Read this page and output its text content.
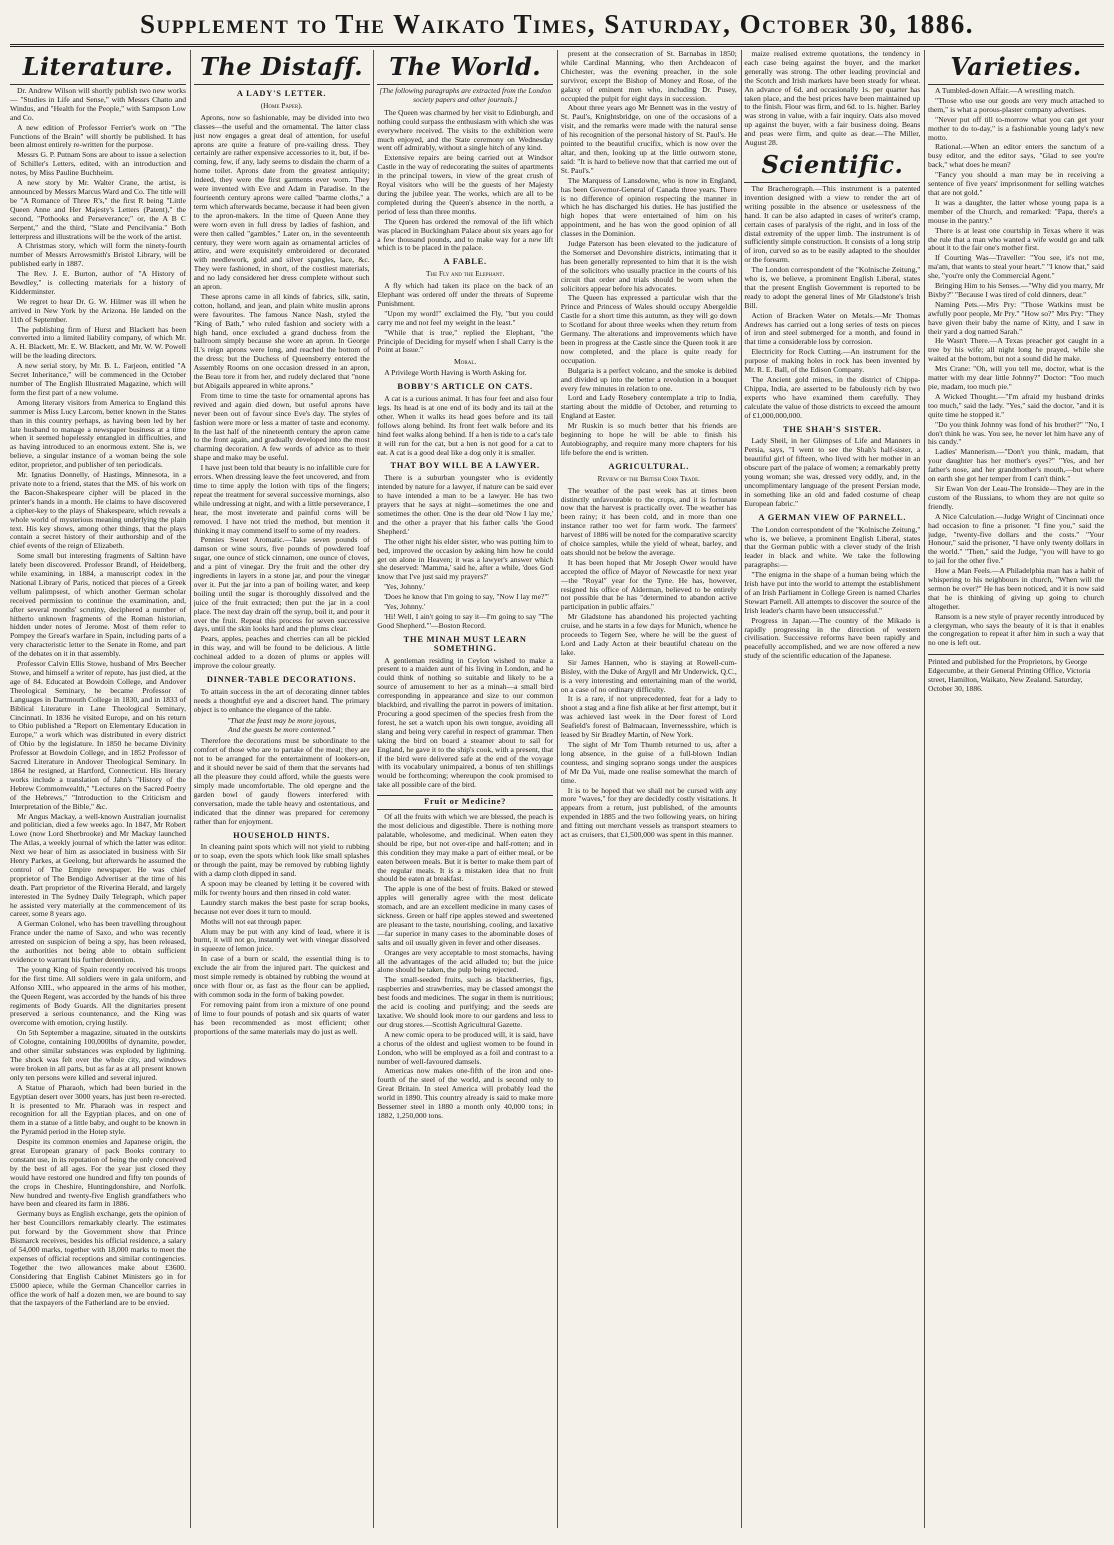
Supplement to The Waikato Times, Saturday, October 30, 1886.
Literature.

Dr. Andrew Wilson will shortly publish two new works — "Studies in Life and Sense," with Messrs Chatto and Windus, and "Health for the People," with Sampson Low and Co.

A new edition of Professor Ferrier's work on "The Functions of the Brain" will shortly be published. It has been almost entirely re-written for the purpose.

Messrs G. P. Putnam Sons are about to issue a selection of Schiller's Letters, edited, with an introduction and notes, by Miss Pauline Buchheim.

A new story by Mr. Walter Crane, the artist, is announced by Messrs Marcus Ward and Co. The title will be "A Romance of Three R's," the first R being "Little Queen Anne and Her Majesty's Letters (Patent)," the second, "Pothooks and Perseverance;" or, the A B C Serpent," and the third, "Slate and Pencilvania." Both letterpress and illustrations will be the work of the artist.

A Christmas story, which will form the ninety-fourth number of Messrs Arrowsmith's Bristol Library, will be published early in 1887.

The Rev. J. E. Burton, author of "A History of Bewdley," is collecting materials for a history of Kidderminster.

We regret to hear Dr. G. W. Hilmer was ill when he arrived in New York by the Arizona. He landed on the 11th of September.

The publishing firm of Hurst and Blackett has been converted into a limited liability company, of which Mr. A. H. Blackett, Mr. E. W. Blackett, and Mr. W. W. Powell will be the leading directors.

A new serial story, by Mr. B. L. Farjeon, entitled "A Secret Inheritance," will be commenced in the October number of The English Illustrated Magazine, which will form the first part of a new volume.

Among literary visitors from America to England this summer is Miss Lucy Larcom, better known in the States than in this country perhaps, as having been led by her late husband to manage a newspaper business at a time when it seemed hopelessly entangled in difficulties, and as having introduced to an enormous extent. She is, we believe, a singular instance of a woman being the sole editor, proprietor, and publisher of ten periodicals.

Mr. Ignatius Donnelly, of Hastings, Minnesota, in a private note to a friend, states that the MS. of his work on the Bacon-Shakespeare cipher will be placed in the printer's hands in a month. He claims to have discovered a cipher-key to the plays of Shakespeare, which reveals a whole world of mysterious meaning underlying the plain text. His key shows, among other things, that the plays contain a secret history of their authorship and of the chief events of the reign of Elizabeth.

Some small but interesting fragments of Saltinn have lately been discovered. Professor Brandl, of Heidelberg, while examining, in 1884, a manuscript codex in the National Library of Paris, noticed that pieces of a Greek vellum palimpsest, of which another German scholar received permission to continue the examination, and, after several months' scrutiny, deciphered a number of hitherto unknown fragments of the Roman historian, hidden under notes of Jerome. Most of them refer to Pompey the Great's warfare in Spain, including parts of a very characteristic letter to the Senate in Rome, and part of the debates on it in that assembly.

Professor Calvin Ellis Stowe, husband of Mrs Beecher Stowe, and himself a writer of repute, has just died, at the age of 84. Educated at Bowdoin College, and Andover Theological Seminary, he became Professor of Languages in Dartmouth College in 1830, and in 1833 of Biblical Literature in Lane Theological Seminary, Cincinnati. In 1836 he visited Europe, and on his return to Ohio published a "Report on Elementary Education in Europe," a work which was distributed in every district of Ohio by the legislature. In 1850 he became Divinity Professor at Bowdoin College, and in 1852 Professor of Sacred Literature in Andover Theological Seminary. In 1864 he resigned, at Hartford, Connecticut. His literary works include a translation of Jahn's "History of the Hebrew Commonwealth," "Lectures on the Sacred Poetry of the Hebrews," "Introduction to the Criticism and Interpretation of the Bible," &c.

Mr Angus Mackay, a well-known Australian journalist and politician, died a few weeks ago. In 1847, Mr Robert Lowe (now Lord Sherbrooke) and Mr Mackay launched The Atlas, a weekly journal of which the latter was editor. Next we hear of him as associated in business with Sir Henry Parkes, at Geelong, but afterwards he assumed the control of The Empire newspaper. He was chief proprietor of The Bendigo Advertiser at the time of his death. Part proprietor of the Riverina Herald, and largely interested in The Sydney Daily Telegraph, which paper he assisted very materially at the commencement of its career, some 8 years ago.

A German Colonel, who has been travelling throughout France under the name of Saxo, and who was recently arrested on suspicion of being a spy, has been released, the authorities not being able to obtain sufficient evidence to warrant his further detention.

The young King of Spain recently received his troops for the first time. All soldiers were in gala uniform, and Alfonso XIII., who appeared in the arms of his mother, the Queen Regent, was accorded by the hands of his three regiments of Body Guards. All the dignitaries present preserved a serious countenance, and the King was overcome with emotion, crying lustily.

On 5th September a magazine, situated in the outskirts of Cologne, containing 100,000lbs of dynamite, powder, and other similar substances was exploded by lightning. The shock was felt over the whole city, and windows were broken in all parts, but as far as at all present known only ten persons were killed and several injured.

A Statue of Pharaoh, which had been buried in the Egyptian desert over 3000 years, has just been re-erected. It is presented to Mr. Pharaoh was in respect and recognition for all the Egyptian places, and on one of them in a statue of a little baby, and ought to be known in the Pyramid period in the Hotep style.

Despite its common enemies and Japanese origin, the great European granary of pack Books contrary to constant use, in its reputation of being the only conceived by the best of all ages. For the year just closed they would have restored one hundred and fifty ten pounds of the crops in Cheshire, Huntingdonshire, and Norfolk. New hundred and twenty-five English grandfathers who have been and cleared its farm in 1886.

Germany buys as English exchange, gets the opinion of her best Councillors remarkably clearly. The estimates put forward by the Government show that Prince Bismarck receives, besides his official residence, a salary of 54,000 marks, together with 18,000 marks to meet the expenses of official receptions and similar contingencies. Together the two allowances make about £3600. Considering that English Cabinet Ministers go in for £5000 apiece, while the German Chancellor carries in office the work of half a dozen men, we are bound to say that the taxpayers of the Fatherland are to be envied.

The Distaff.
A LADY'S LETTER.
(Home Paper).

Aprons, now so fashionable, may be divided into two classes—the useful and the ornamental. The latter class just now engages a great deal of attention, for useful aprons are quite a feature of pre-vailing dress. They certainly are rather expensive accessories to it, but, if be-coming, few, if any, lady seems to disdain the charm of a home toilet. Aprons date from the greatest antiquity; indeed, they were the first garments ever worn. They were invented with Eve and Adam in Paradise. In the fourteenth century aprons were called "barme cloths," a term which afterwards became, because it had been given to the apron-makers. In the time of Queen Anne they were worn even in full dress by ladies of fashion, and were then called "gambles." Later on, in the seventeenth century, they were worn again as ornamental articles of attire, and were exquisitely embroidered or decorated with needlework, gold and silver spangles, lace, &c. They were fashioned, in short, of the costliest materials, and no lady considered her dress complete without such an apron.

These aprons came in all kinds of fabrics, silk, satin, cotton, holland, and jean, and plain white muslin aprons were favourites. The famous Nance Nash, styled the "King of Bath," who ruled fashion and society with a high hand, once excluded a grand duchess from the ballroom simply because she wore an apron. In George II.'s reign aprons were long, and reached the bottom of the dress; but the Duchess of Queensberry entered the Assembly Rooms on one occasion dressed in an apron, the Beau tore it from her, and rudely declared that "none but Abigails appeared in white aprons."

From time to time the taste for ornamental aprons has revived and again died down, but useful aprons have never been out of favour since Eve's day. The styles of fashion were more or less a matter of taste and economy. In the last half of the nineteenth century the apron came to the front again, and gradually developed into the most charming decoration. A few words of advice as to their shape and make may be useful.

I have just been told that beauty is no infallible cure for errors. When dressing leave the feet uncovered, and from time to time apply the lotion with tips of the fingers; repeat the treatment for several successive mornings, also while undressing at night, and with a little perseverance, I hear, the most inveterate and painful corns will be removed. I have not tried the method, but mention it thinking it may commend itself to some of my readers.

Pennies Sweet Aromatic.—Take seven pounds of damson or wine sours, five pounds of powdered loaf sugar, one ounce of stick cinnamon, one ounce of cloves, and a pint of vinegar. Dry the fruit and the other dry ingredients in layers in a stone jar, and pour the vinegar over it. Put the jar into a pan of boiling water, and keep boiling until the sugar is thoroughly dissolved and the juice of the fruit extracted; then put the jar in a cool place. The next day drain off the syrup, boil it, and pour it over the fruit. Repeat this process for seven successive days, until the skin looks hard and the plums clear.

Pears, apples, peaches and cherries can all be pickled in this way, and will be found to be delicious. A little cochineal added to a dozen of plums or apples will improve the colour greatly.

DINNER-TABLE DECORATIONS.

To attain success in the art of decorating dinner tables needs a thoughtful eye and a discreet hand. The primary object is to enhance the elegance of the table.

"That the feast may be more joyous,
And the guests be more contented."

Therefore the decorations must be subordinate to the comfort of those who are to partake of the meal; they are not to be arranged for the entertainment of lookers-on, and it should never be said of them that the servants had all the pleasure they could afford, while the guests were simply made uncomfortable. The old epergne and the garden bowl of gaudy flowers interfered with conversation, made the table heavy and ostentatious, and indicated that the dinner was prepared for ceremony rather than for enjoyment.

HOUSEHOLD HINTS.

In cleaning paint spots which will not yield to rubbing or to soap, even the spots which look like small splashes or through the paint, may be removed by rubbing lightly with a damp cloth dipped in sand.

A spoon may be cleaned by letting it be covered with milk for twenty hours and then rinsed in cold water.

Laundry starch makes the best paste for scrap books, because not ever does it turn to mould.

Moths will not eat through paper.

Alum may be put with any kind of lead, where it is burnt, it will not go, instantly wet with vinegar dissolved in squeeze of lemon juice.

In case of a burn or scald, the essential thing is to exclude the air from the injured part. The quickest and most simple remedy is obtained by rubbing the wound at once with flour or, as fast as the flour can be applied, with common soda in the form of baking powder.

For removing paint from iron a mixture of one pound of lime to four pounds of potash and six quarts of water has been recommended as most efficient; other proportions of the same materials may do just as well.

The World.
[The following paragraphs are extracted from the London society papers and other journals.]

The Queen was charmed by her visit to Edinburgh, and nothing could surpass the enthusiasm with which she was everywhere received. The visits to the exhibition were much enjoyed, and the State ceremony on Wednesday went off admirably, without a single hitch of any kind.

Extensive repairs are being carried out at Windsor Castle in the way of redecorating the suites of apartments in the principal towers, in view of the great crush of Royal visitors who will be the guests of her Majesty during the jubilee year. The works, which are all to be completed during the Queen's absence in the north, a period of less than three months.

The Queen has ordered the removal of the lift which was placed in Buckingham Palace about six years ago for a few thousand pounds, and to make way for a new lift which is to be placed in the palace.

A FABLE.
The Fly and the Elephant.

A fly which had taken its place on the back of an Elephant was ordered off under the threats of Supreme Punishment.

"Upon my word!" exclaimed the Fly, "but you could carry me and not feel my weight in the least."

"While that is true," replied the Elephant, "the Principle of Deciding for myself when I shall Carry is the Point at Issue."

Moral.

A Privilege Worth Having is Worth Asking for.

BOBBY'S ARTICLE ON CATS.

A cat is a curious animal. It has four feet and also four legs. Its head is at one end of its body and its tail at the other. When it walks its head goes before and its tail follows along behind. Its front feet walk before and its hind feet walks along behind. If a hen is tide to a cat's tale it will run for the cat, but a hen is not good for a cat to eat. A cat is a good deal like a dog only it is smaller.

THAT BOY WILL BE A LAWYER.

There is a suburban youngster who is evidently intended by nature for a lawyer, if nature can be said ever to have intended a man to be a lawyer. He has two prayers that he says at night—sometimes the one and sometimes the other. One is the dear old 'Now I lay me,' and the other a prayer that his father calls 'the Good Shepherd.'

The other night his elder sister, who was putting him to bed, improved the occasion by asking him how he could get on alone in Heaven; it was a lawyer's answer which she deserved: 'Mamma,' said he, after a while, 'does God know that I've just said my prayers?'

'Yes, Johnny.'

'Does he know that I'm going to say, "Now I lay me?"'

'Yes, Johnny.'

'Hi! Well, I ain't going to say it—I'm going to say "The Good Shepherd."'—Boston Record.

THE MINAH MUST LEARN SOMETHING.

A gentleman residing in Ceylon wished to make a present to a maiden aunt of his living in London, and he could think of nothing so suitable and likely to be a source of amusement to her as a minah—a small bird corresponding in appearance and size to our common blackbird, and rivalling the parrot in powers of imitation. Procuring a good specimen of the species fresh from the forest, he set a watch upon his own tongue, avoiding all slang and being very careful in respect of grammar. Then taking the bird on board a steamer about to sail for England, he gave it to the ship's cook, with a present, that if the bird were delivered safe at the end of the voyage with its vocabulary unimpaired, a bonus of ten shillings would be forthcoming; whereupon the cook promised to take all possible care of the bird.

Fruit or Medicine?

Of all the fruits with which we are blessed, the peach is the most delicious and digestible. There is nothing more palatable, wholesome, and medicinal. When eaten they should be ripe, but not over-ripe and half-rotten; and in this condition they may make a part of either meal, or be eaten between meals. But it is better to make them part of the regular meals. It is a mistaken idea that no fruit should be eaten at breakfast.

The apple is one of the best of fruits. Baked or stewed apples will generally agree with the most delicate stomach, and are an excellent medicine in many cases of sickness. Green or half ripe apples stewed and sweetened are pleasant to the taste, nourishing, cooling, and laxative—far superior in many cases to the abominable doses of salts and oil usually given in fever and other diseases.

Oranges are very acceptable to most stomachs, having all the advantages of the acid alluded to; but the juice alone should be taken, the pulp being rejected.

The small-seeded fruits, such as blackberries, figs, raspberries and strawberries, may be classed amongst the best foods and medicines. The sugar in them is nutritious; the acid is cooling and purifying; and the seeds are laxative. We should look more to our gardens and less to our drug stores.—Scottish Agricultural Gazette.

A new comic opera to be produced will, it is said, have a chorus of the oldest and ugliest women to be found in London, who will be employed as a foil and contrast to a number of well-favoured damsels.

Americas now makes one-fifth of the iron and one-fourth of the steel of the world, and is second only to Great Britain. In steel America will probably lead the world in 1890. This country already is said to make more Bessemer steel in 1880 a month only 40,000 tons; in 1882, 1,250,000 tons.

present at the consecration of St. Barnabas in 1850; while Cardinal Manning, who then Archdeacon of Chichester, was the evening preacher, in the sole survivor, except the Bishop of Money and Rose, of the galaxy of eminent men who, including Dr. Pusey, occupied the pulpit for eight days in succession.

About three years ago Mr Bennett was in the vestry of St. Paul's, Knightsbridge, on one of the occasions of a visit, and the remarks were made with the natural sense of his recognition of the personal history of St. Paul's. He pointed to the beautiful crucifix, which is now over the altar, and then, looking up at the little outworn stone, said: "It is hard to believe now that that carried me out of St. Paul's."

The Marquess of Lansdowne, who is now in England, has been Governor-General of Canada three years. There is no difference of opinion respecting the manner in which he has discharged his duties. He has justified the high hopes that were entertained of him on his appointment, and he has won the good opinion of all classes in the Dominion.

Judge Paterson has been elevated to the judicature of the Somerset and Devonshire districts, intimating that it has been generally represented to him that it is the wish of the solicitors who usually practice in the courts of his circuit that order and trials should be worn when the solicitors appear before his advocates.

The Queen has expressed a particular wish that the Prince and Princess of Wales should occupy Abergeldie Castle for a short time this autumn, as they will go down to Scotland for about three weeks when they return from Germany. The alterations and improvements which have been in progress at the Castle since the Queen took it are now completed, and the place is quite ready for occupation.

Bulgaria is a perfect volcano, and the smoke is debited and divided up into the better a revolution in a bouquet every few minutes in relation to one.

Lord and Lady Rosebery contemplate a trip to India, starting about the middle of October, and returning to England at Easter.

Mr Ruskin is so much better that his friends are beginning to hope he will be able to finish his Autobiography, and require many more chapters for his life before the end is written.

AGRICULTURAL.
Review of the British Corn Trade.

The weather of the past week has at times been distinctly unfavourable to the crops, and it is fortunate now that the harvest is practically over. The weather has been rainy; it has been cold, and in more than one instance rather too wet for farm work. The farmers' harvest of 1886 will be noted for the comparative scarcity of choice samples, while the yield of wheat, barley, and oats should not be below the average.

It has been hoped that Mr Joseph Ower would have accepted the office of Mayor of Newcastle for next year—the "Royal" year for the Tyne. He has, however, resigned his office of Alderman, believed to be entirely not possible that he has "determined to abandon active participation in public affairs."

Mr Gladstone has abandoned his projected yachting cruise, and he starts in a few days for Munich, whence he proceeds to Tegern See, where he will be the guest of Lord and Lady Acton at their beautiful chateau on the lake.

Sir James Hannen, who is staying at Rowell-cum-Bisley, with the Duke of Argyll and Mr Underwick, Q.C., is a very interesting and entertaining man of the world, on a case of no ordinary difficulty.

It is a rare, if not unprecedented, feat for a lady to shoot a stag and a fine fish alike at her first attempt, but it was achieved last week in the Deer forest of Lord Seafield's forest of Balmacaan, Invernessshire, which is leased by Sir Bradley Martin, of New York.

The sight of Mr Tom Thumb returned to us, after a long absence, in the guise of a full-blown Indian countess, and singing soprano songs under the auspices of Mr Da Vui, made one realise somewhat the march of time.

It is to be hoped that we shall not be cursed with any more "waves," for they are decidedly costly visitations. It appears from a return, just published, of the amounts expended in 1885 and the two following years, on hiring and fitting out merchant vessels as transport steamers to act as cruisers, that £1,500,000 was spent in this manner.

maize realised extreme quotations, the tendency in each case being against the buyer, and the market generally was strong. The other leading provincial and the Scotch and Irish markets have been steady for wheat. An advance of 6d. and occasionally 1s. per quarter has taken place, and the best prices have been maintained up to the finish. Flour was firm, and 6d. to 1s. higher. Barley was strong in value, with a fair inquiry. Oats also moved up against the buyer, with a fair business doing. Beans and peas were firm, and quite as dear.—The Miller, August 28.

Scientific.

The Bracherograph.—This instrument is a patented invention designed with a view to render the art of writing possible in the absence or uselessness of the hand. It can be also adapted in cases of writer's cramp, certain cases of paralysis of the right, and in loss of the distal extremity of the upper limb. The instrument is of sufficiently simple construction. It consists of a long strip of iron, curved so as to be easily adapted to the shoulder or the forearm.

The London correspondent of the "Kolnische Zeitung," who is, we believe, a prominent English Liberal, states that the present English Government is reported to be ready to adopt the general lines of Mr Gladstone's Irish Bill.

Action of Bracken Water on Metals.—Mr Thomas Andrews has carried out a long series of tests on pieces of iron and steel submerged for a month, and found in that time a considerable loss by corrosion.

Electricity for Rock Cutting.—An instrument for the purpose of making holes in rock has been invented by Mr. R. E. Ball, of the Edison Company.

The Ancient gold mines, in the district of Chippa-Chippa, India, are asserted to be fabulously rich by two experts who have examined them carefully. They calculate the value of those districts to exceed the amount of £1,000,000,000.

THE SHAH'S SISTER.

Lady Sheil, in her Glimpses of Life and Manners in Persia, says, "I went to see the Shah's half-sister, a beautiful girl of fifteen, who lived with her mother in an obscure part of the palace of women; a remarkably pretty young woman; she was, dressed very oddly, and, in the uncomplimentary language of the present Persian mode, in something like an old and faded costume of cheap European fabric."

A GERMAN VIEW OF PARNELL.

The London correspondent of the "Kolnische Zeitung," who is, we believe, a prominent English Liberal, states that the German public with a clever study of the Irish leader in black and white. We take the following paragraphs:—

"The enigma in the shape of a human being which the Irish have put into the world to attempt the establishment of an Irish Parliament in College Green is named Charles Stewart Parnell. All attempts to discover the source of the Irish leader's charm have been unsuccessful."

Progress in Japan.—The country of the Mikado is rapidly progressing in the direction of western civilisation. Successive reforms have been rapidly and peacefully accomplished, and we are now offered a new study of the scientific education of the Japanese.

Varieties.

A Tumbled-down Affair.—A wrestling match.

"Those who use our goods are very much attached to them," is what a porous-plaster company advertises.

"Never put off till to-morrow what you can get your mother to do to-day," is a fashionable young lady's new motto.

Rational.—When an editor enters the sanctum of a busy editor, and the editor says, "Glad to see you're back," what does he mean?

"Fancy you should a man may be in receiving a sentence of five years' imprisonment for selling watches that are not gold."

It was a daughter, the latter whose young papa is a member of the Church, and remarked: "Papa, there's a mouse in the pantry."

There is at least one courtship in Texas where it was the rule that a man who wanted a wife would go and talk about it to the fair one's mother first.

If Courting Was—Traveller: "You see, it's not me, ma'am, that wants to steal your heart." "I know that," said she, "you're only the Commercial Agent."

Bringing Him to his Senses.—"Why did you marry, Mr Bixby?" "Because I was tired of cold dinners, dear."

Naming Pets.—Mrs Pry: "Those Watkins must be awfully poor people, Mr Pry." "How so?" Mrs Pry: "They have given their baby the name of Kitty, and I saw in their yard a dog named Sarah."

He Wasn't There.—A Texas preacher got caught in a tree by his wife; all night long he prayed, while she waited at the bottom, but not a sound did he make.

Mrs Crane: "Oh, will you tell me, doctor, what is the matter with my dear little Johnny?" Doctor: "Too much pie, madam, too much pie."

A Wicked Thought.—"I'm afraid my husband drinks too much," said the lady. "Yes," said the doctor, "and it is quite time he stopped it."

"Do you think Johnny was fond of his brother?" "No, I don't think he was. You see, he never let him have any of his candy."

Ladies' Mannerism.—"Don't you think, madam, that your daughter has her mother's eyes?" "Yes, and her father's nose, and her grandmother's mouth,—but where on earth she got her temper from I can't think."

Sir Ewan Von der Leau-The Ironside—They are in the custom of the Russians, to whom they are not quite so friendly.

A Nice Calculation.—Judge Wright of Cincinnati once had occasion to fine a prisoner. "I fine you," said the judge, "twenty-five dollars and the costs." "Your Honour," said the prisoner, "I have only twenty dollars in the world." "Then," said the Judge, "you will have to go to jail for the other five."

How a Man Feels.—A Philadelphia man has a habit of whispering to his neighbours in church, "When will the sermon be over?" He has been noticed, and it is now said that he is thinking of giving up going to church altogether.

Ransom is a new style of prayer recently introduced by a clergyman, who says the beauty of it is that it enables the congregation to repeat it after him in such a way that no one is left out.

Printed and published for the Proprietors, by George Edgecumbe, at their General Printing Office, Victoria street, Hamilton, Waikato, New Zealand. Saturday, October 30, 1886.
